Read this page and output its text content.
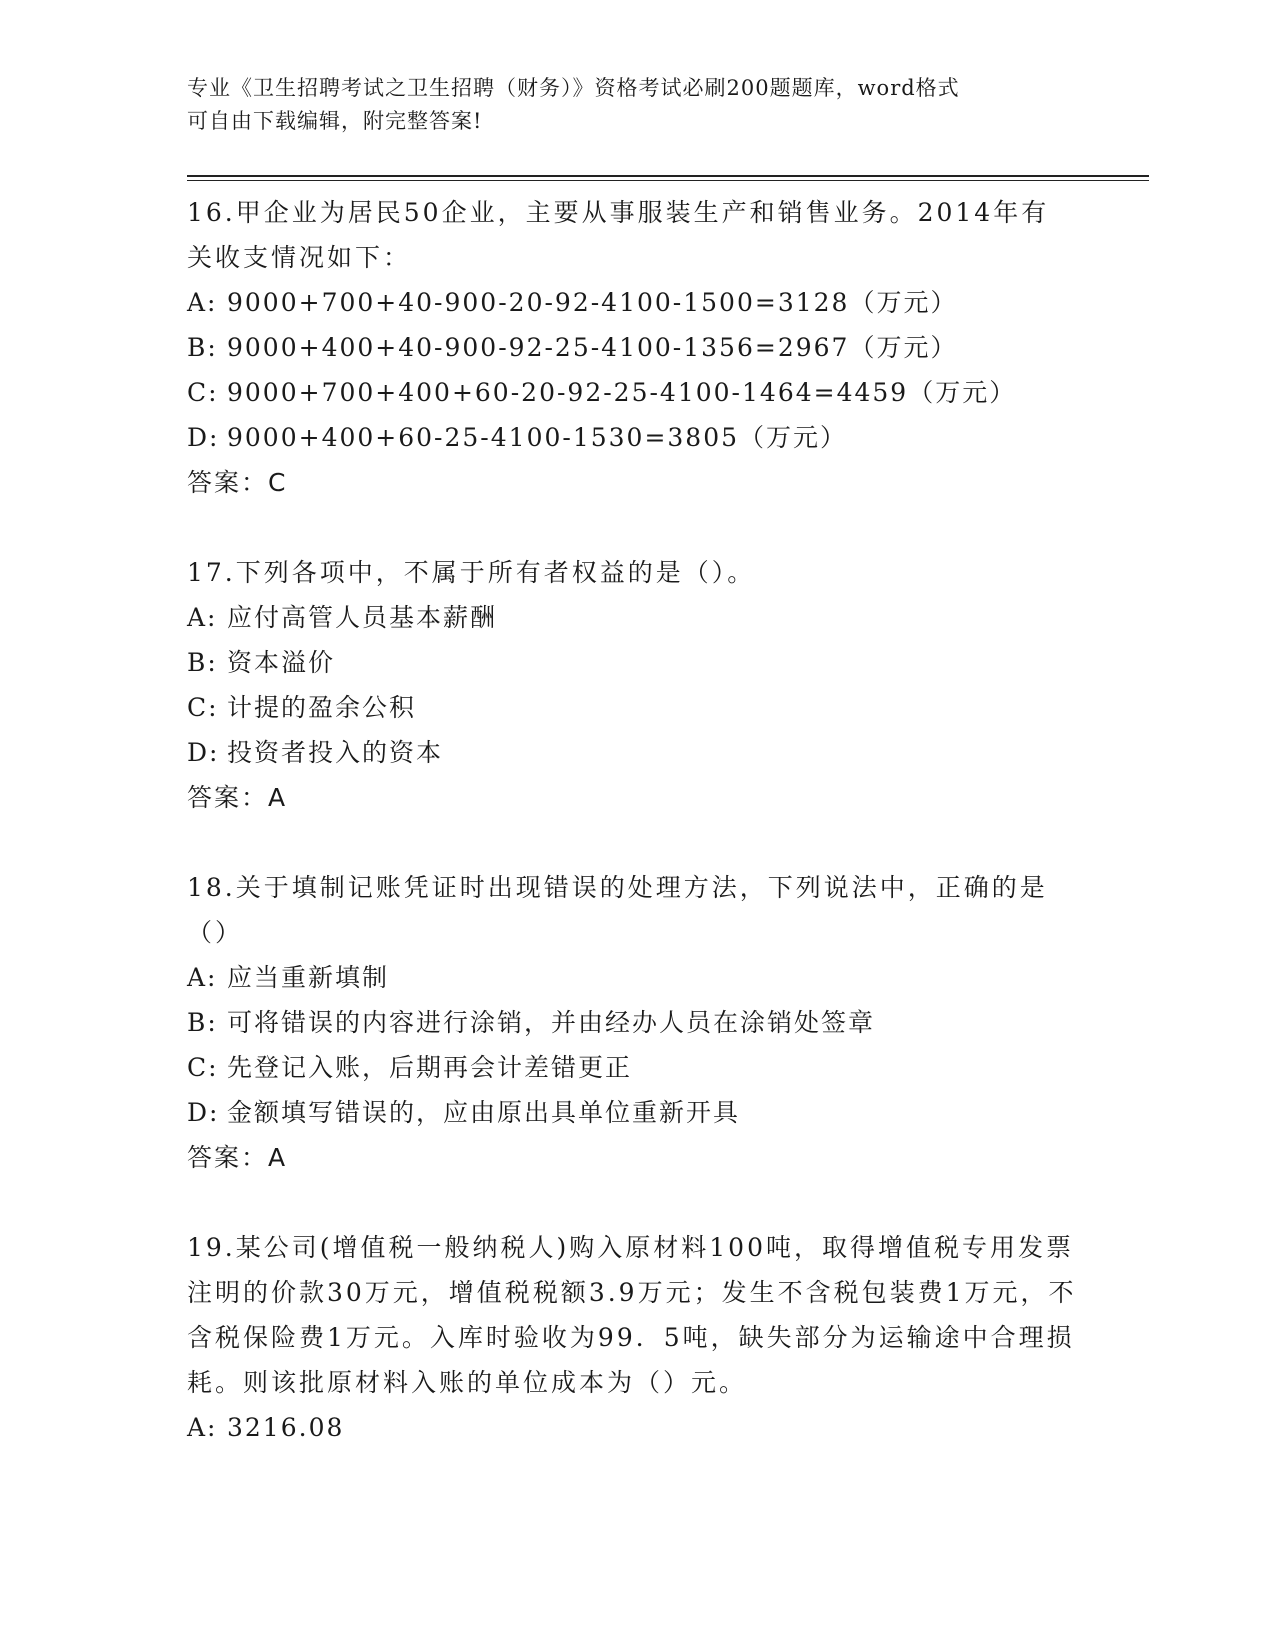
专业《卫生招聘考试之卫生招聘（财务）》资格考试必刷200题题库，word格式
可自由下载编辑，附完整答案!

16.甲企业为居民50企业，主要从事服装生产和销售业务。2014年有关收支情况如下：

A: 9000+700+40-900-20-92-4100-1500=3128（万元）
B: 9000+400+40-900-92-25-4100-1356=2967（万元）
C: 9000+700+400+60-20-92-25-4100-1464=4459（万元）
D: 9000+400+60-25-4100-1530=3805（万元）

答案：C

17.下列各项中，不属于所有者权益的是（）。

A: 应付高管人员基本薪酬
B: 资本溢价
C: 计提的盈余公积
D: 投资者投入的资本

答案：A

18.关于填制记账凭证时出现错误的处理方法，下列说法中，正确的是（）

A: 应当重新填制
B: 可将错误的内容进行涂销，并由经办人员在涂销处签章
C: 先登记入账，后期再会计差错更正
D: 金额填写错误的，应由原出具单位重新开具

答案：A

19.某公司(增值税一般纳税人)购入原材料100吨，取得增值税专用发票注明的价款30万元，增值税税额3.9万元；发生不含税包装费1万元，不含税保险费1万元。入库时验收为99．5吨，缺失部分为运输途中合理损耗。则该批原材料入账的单位成本为（）元。

A: 3216.08
